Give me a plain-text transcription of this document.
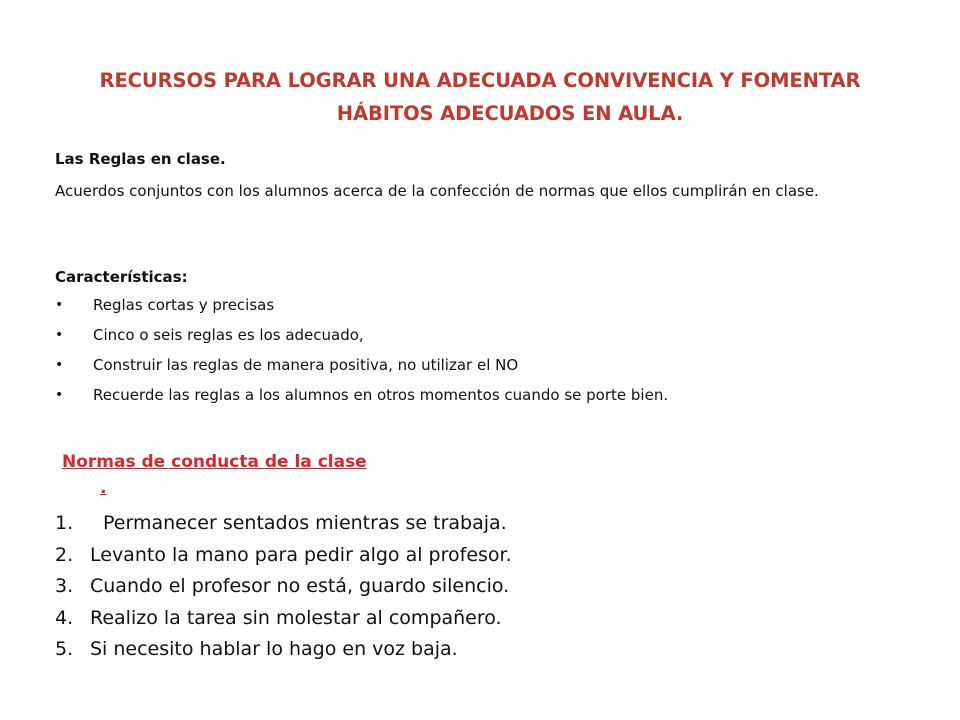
RECURSOS PARA LOGRAR UNA ADECUADA CONVIVENCIA Y FOMENTAR
HÁBITOS ADECUADOS EN AULA.
Las Reglas en clase.
Acuerdos conjuntos con los alumnos acerca de la confección de normas que ellos cumplirán en clase.
Características:
• Reglas cortas y precisas
• Cinco o seis reglas es los adecuado,
• Construir las reglas de manera positiva, no utilizar el NO
• Recuerde las reglas a los alumnos en otros momentos cuando se porte bien.
Normas de conducta de la clase
.
1. Permanecer sentados mientras se trabaja.
2. Levanto la mano para pedir algo al profesor.
3. Cuando el profesor no está, guardo silencio.
4. Realizo la tarea sin molestar al compañero.
5. Si necesito hablar lo hago en voz baja.
